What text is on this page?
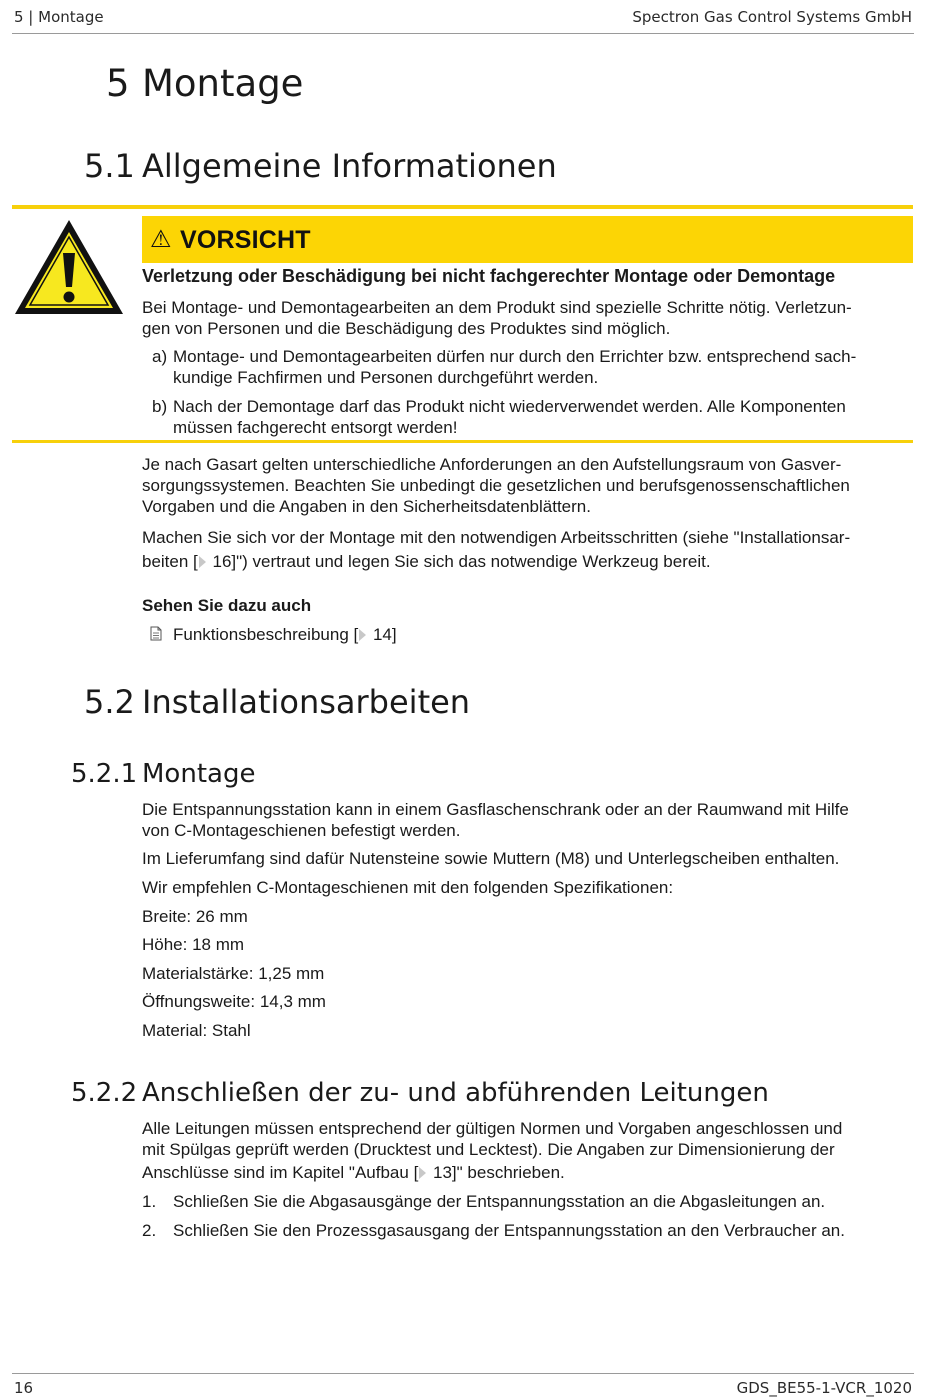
5 | Montage	Spectron Gas Control Systems GmbH
5 Montage
5.1 Allgemeine Informationen
⚠ VORSICHT
Verletzung oder Beschädigung bei nicht fachgerechter Montage oder Demontage
Bei Montage- und Demontagearbeiten an dem Produkt sind spezielle Schritte nötig. Verletzun-
gen von Personen und die Beschädigung des Produktes sind möglich.
a) Montage- und Demontagearbeiten dürfen nur durch den Errichter bzw. entsprechend sach-
kundige Fachfirmen und Personen durchgeführt werden.
b) Nach der Demontage darf das Produkt nicht wiederverwendet werden. Alle Komponenten
müssen fachgerecht entsorgt werden!
Je nach Gasart gelten unterschiedliche Anforderungen an den Aufstellungsraum von Gasver-
sorgungssystemen. Beachten Sie unbedingt die gesetzlichen und berufsgenossenschaftlichen
Vorgaben und die Angaben in den Sicherheitsdatenblättern.
Machen Sie sich vor der Montage mit den notwendigen Arbeitsschritten (siehe "Installationsar-
beiten [ 16]") vertraut und legen Sie sich das notwendige Werkzeug bereit.
Sehen Sie dazu auch
Funktionsbeschreibung [ 14]
5.2 Installationsarbeiten
5.2.1 Montage
Die Entspannungsstation kann in einem Gasflaschenschrank oder an der Raumwand mit Hilfe
von C-Montageschienen befestigt werden.
Im Lieferumfang sind dafür Nutensteine sowie Muttern (M8) und Unterlegscheiben enthalten.
Wir empfehlen C-Montageschienen mit den folgenden Spezifikationen:
Breite: 26 mm
Höhe: 18 mm
Materialstärke: 1,25 mm
Öffnungsweite: 14,3 mm
Material: Stahl
5.2.2 Anschließen der zu- und abführenden Leitungen
Alle Leitungen müssen entsprechend der gültigen Normen und Vorgaben angeschlossen und
mit Spülgas geprüft werden (Drucktest und Lecktest). Die Angaben zur Dimensionierung der
Anschlüsse sind im Kapitel "Aufbau [ 13]" beschrieben.
1. Schließen Sie die Abgasausgänge der Entspannungsstation an die Abgasleitungen an.
2. Schließen Sie den Prozessgasausgang der Entspannungsstation an den Verbraucher an.
16	GDS_BE55-1-VCR_1020
